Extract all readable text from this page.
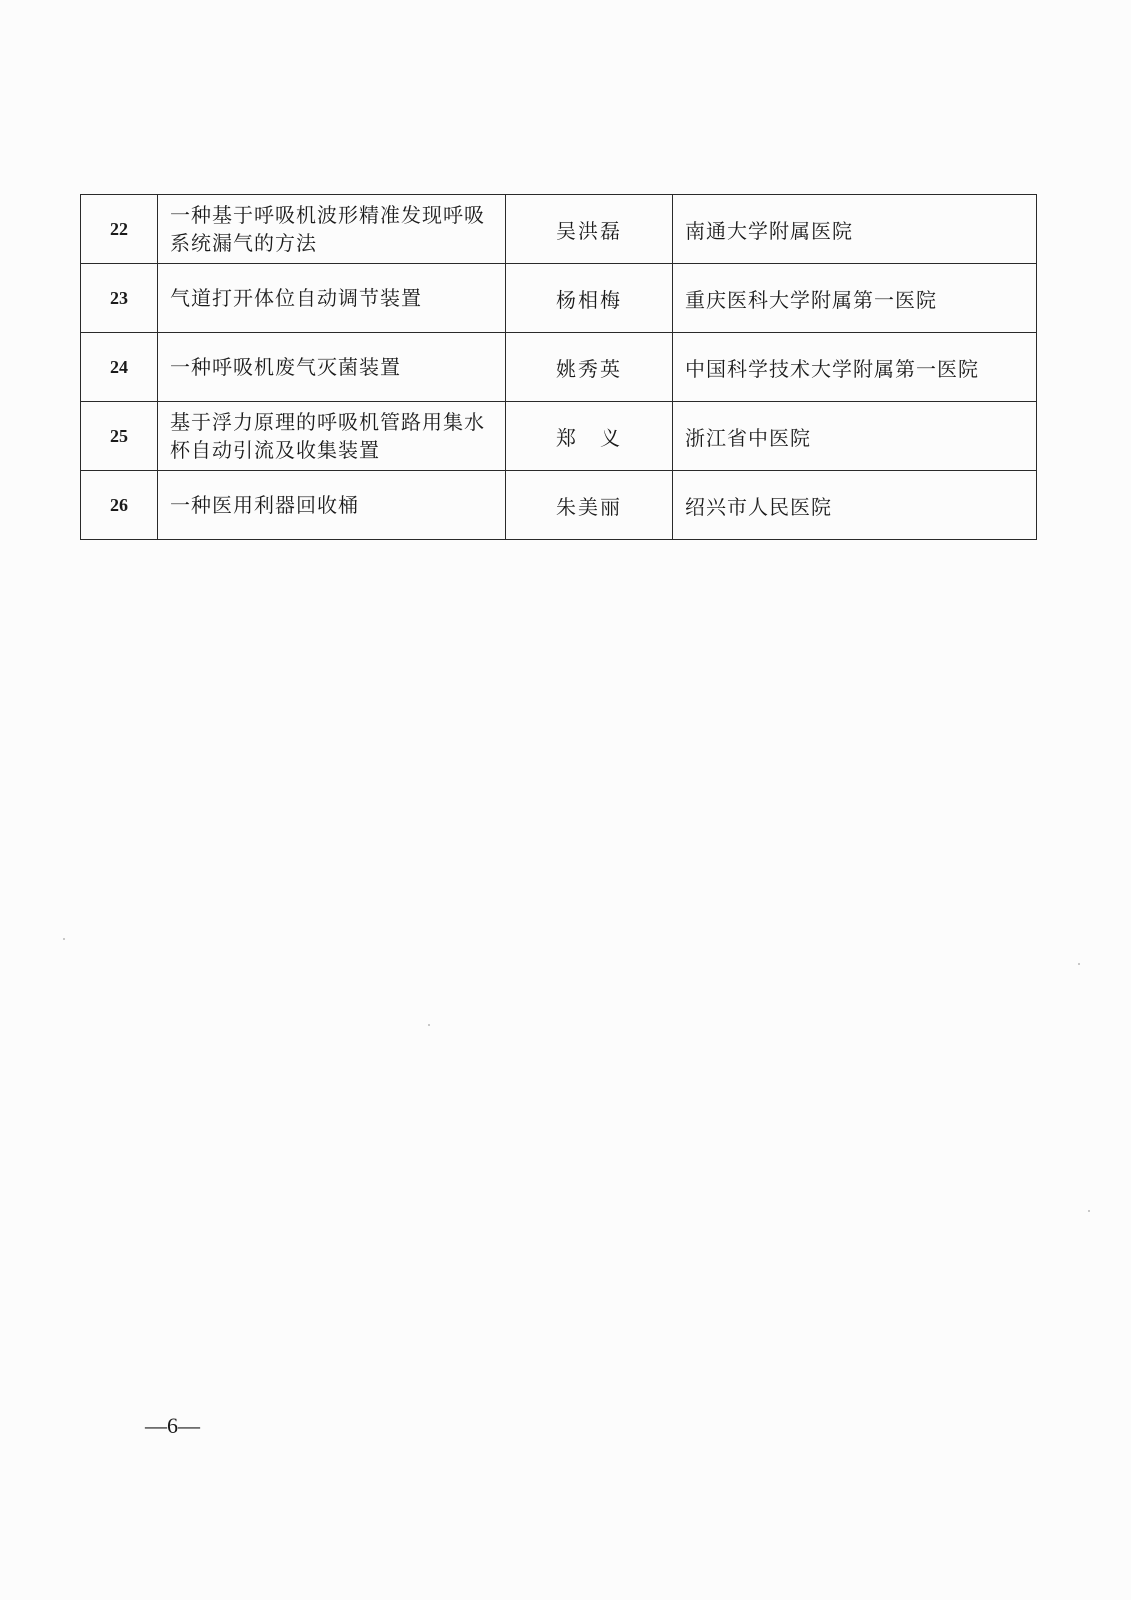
22	一种基于呼吸机波形精准发现呼吸系统漏气的方法	吴洪磊	南通大学附属医院
23	气道打开体位自动调节装置	杨相梅	重庆医科大学附属第一医院
24	一种呼吸机废气灭菌装置	姚秀英	中国科学技术大学附属第一医院
25	基于浮力原理的呼吸机管路用集水杯自动引流及收集装置	郑　义	浙江省中医院
26	一种医用利器回收桶	朱美丽	绍兴市人民医院
—6—
